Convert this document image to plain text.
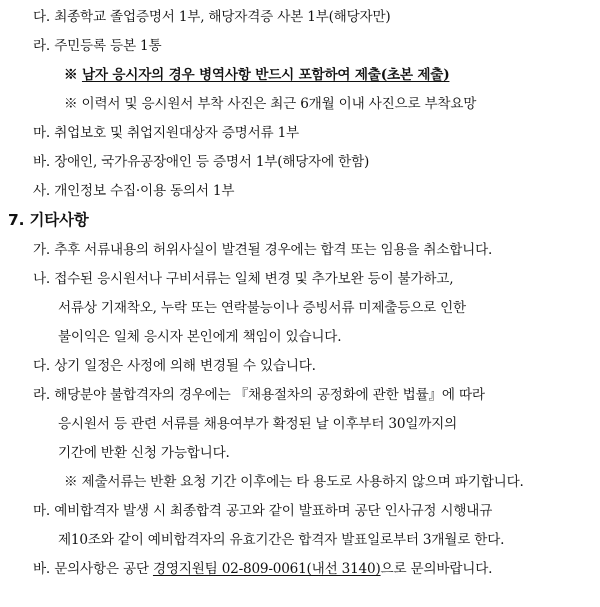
다. 최종학교 졸업증명서 1부, 해당자격증 사본 1부(해당자만)
라. 주민등록 등본 1통
※ 남자 응시자의 경우 병역사항 반드시 포함하여 제출(초본 제출)
※ 이력서 및 응시원서 부착 사진은 최근 6개월 이내 사진으로 부착요망
마. 취업보호 및 취업지원대상자 증명서류 1부
바. 장애인, 국가유공장애인 등 증명서 1부(해당자에 한함)
사. 개인정보 수집·이용 동의서 1부
7. 기타사항
가. 추후 서류내용의 허위사실이 발견될 경우에는 합격 또는 임용을 취소합니다.
나. 접수된 응시원서나 구비서류는 일체 변경 및 추가보완 등이 불가하고,
서류상 기재착오, 누락 또는 연락불능이나 증빙서류 미제출등으로 인한
불이익은 일체 응시자 본인에게 책임이 있습니다.
다. 상기 일정은 사정에 의해 변경될 수 있습니다.
라. 해당분야 불합격자의 경우에는 『채용절차의 공정화에 관한 법률』에 따라
응시원서 등 관련 서류를 채용여부가 확정된 날 이후부터 30일까지의
기간에 반환 신청 가능합니다.
※ 제출서류는 반환 요청 기간 이후에는 타 용도로 사용하지 않으며 파기합니다.
마. 예비합격자 발생 시 최종합격 공고와 같이 발표하며 공단 인사규정 시행내규
제10조와 같이 예비합격자의 유효기간은 합격자 발표일로부터 3개월로 한다.
바. 문의사항은 공단 경영지원팀 02-809-0061(내선 3140)으로 문의바랍니다.
